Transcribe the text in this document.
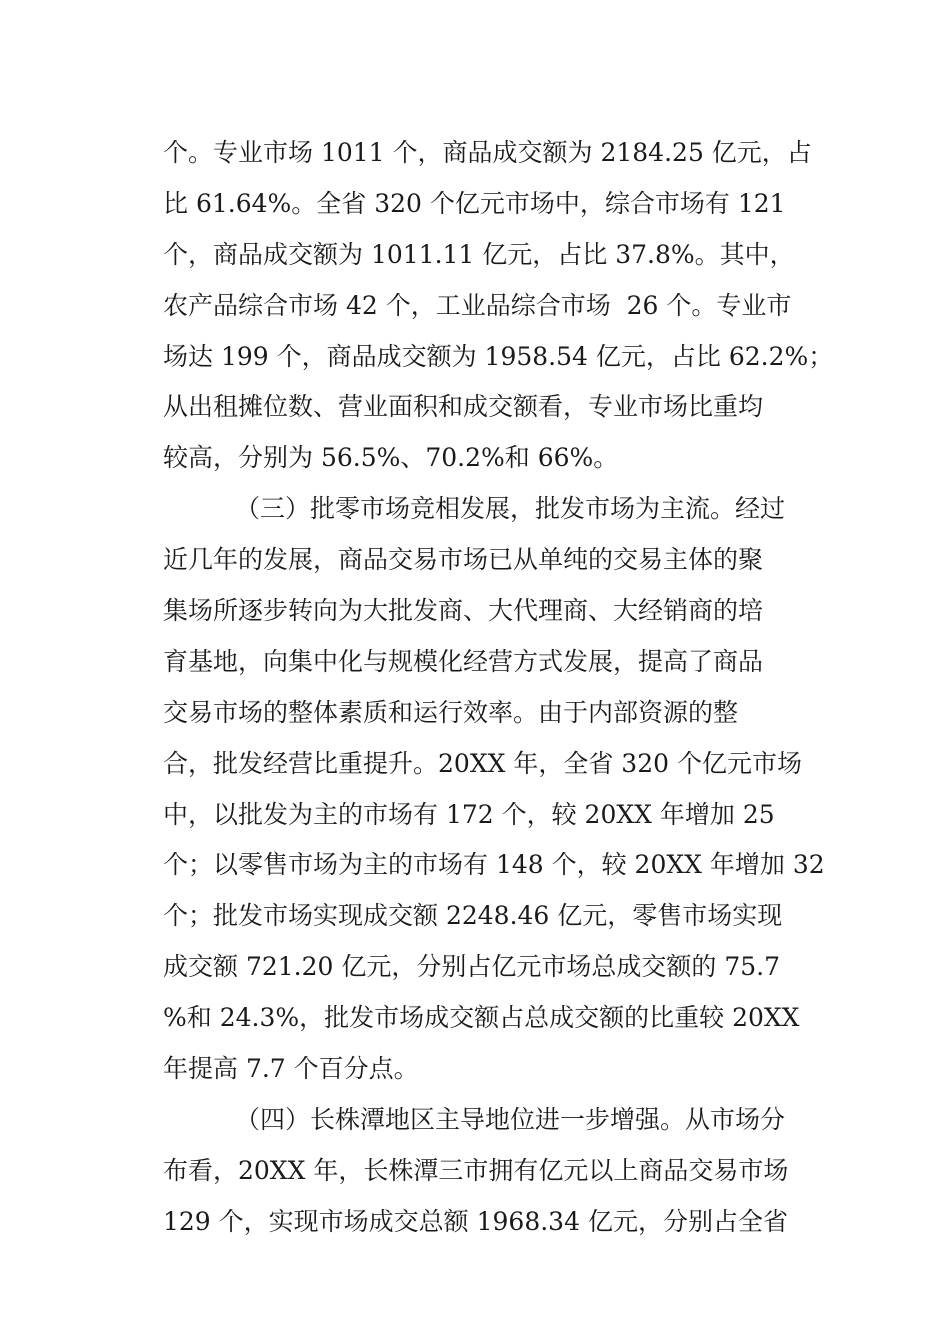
个。专业市场 1011 个，商品成交额为 2184.25 亿元，占
比 61.64%。全省 320 个亿元市场中，综合市场有 121
个，商品成交额为 1011.11 亿元，占比 37.8%。其中，
农产品综合市场 42 个，工业品综合市场  26 个。专业市
场达 199 个，商品成交额为 1958.54 亿元，占比 62.2%；
从出租摊位数、营业面积和成交额看，专业市场比重均
较高，分别为 56.5%、70.2%和 66%。
（三）批零市场竞相发展，批发市场为主流。经过
近几年的发展，商品交易市场已从单纯的交易主体的聚
集场所逐步转向为大批发商、大代理商、大经销商的培
育基地，向集中化与规模化经营方式发展，提高了商品
交易市场的整体素质和运行效率。由于内部资源的整
合，批发经营比重提升。20XX 年，全省 320 个亿元市场
中，以批发为主的市场有 172 个，较 20XX 年增加 25
个；以零售市场为主的市场有 148 个，较 20XX 年增加 32
个；批发市场实现成交额 2248.46 亿元，零售市场实现
成交额 721.20 亿元，分别占亿元市场总成交额的 75.7
%和 24.3%，批发市场成交额占总成交额的比重较 20XX
年提高 7.7 个百分点。
（四）长株潭地区主导地位进一步增强。从市场分
布看，20XX 年，长株潭三市拥有亿元以上商品交易市场
129 个，实现市场成交总额 1968.34 亿元，分别占全省
